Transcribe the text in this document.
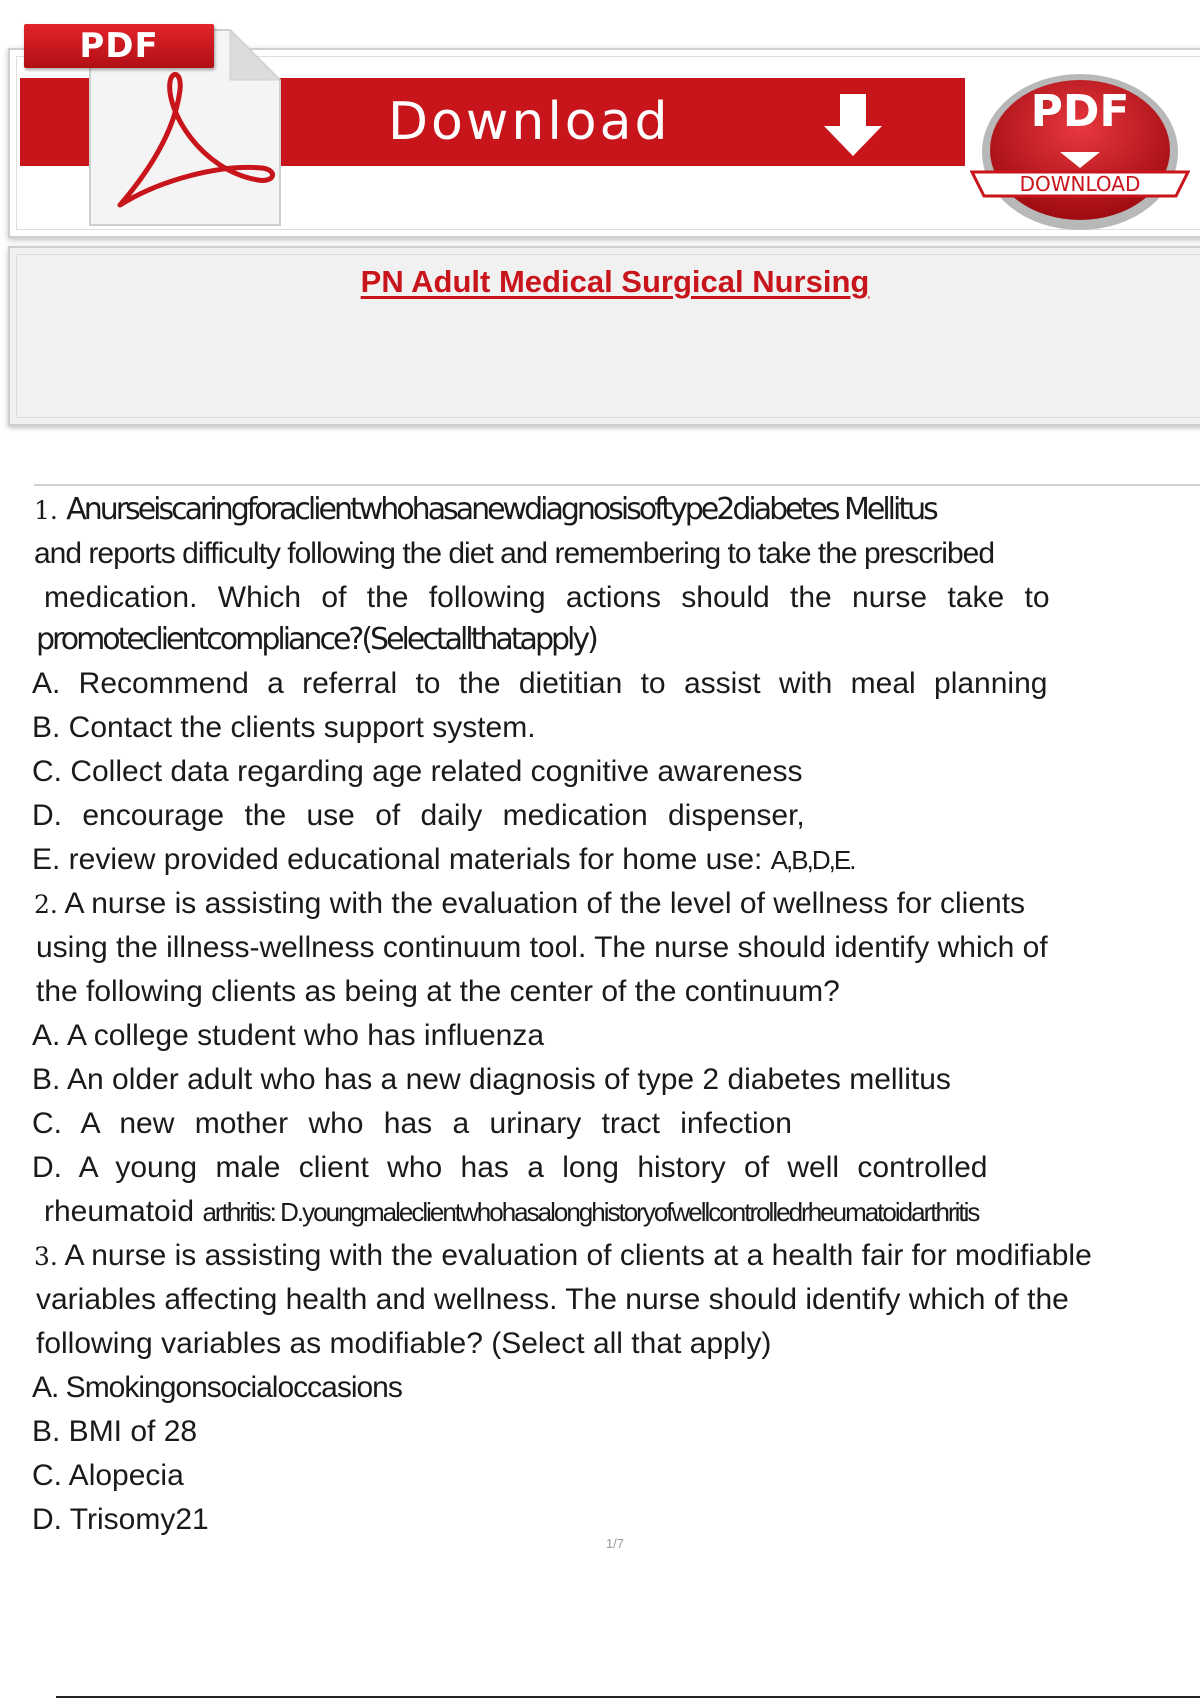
PDF
Download	PDF
DOWNLOAD

PN Adult Medical Surgical Nursing

1. Anurseiscaringforaclientwhohasanewdiagnosisoftype2diabetes Mellitus

and reports difficulty following the diet and remembering to take the prescribed

medication. Which of the following actions should the nurse take to

promoteclientcompliance?(Selectallthatapply)

A. Recommend a referral to the dietitian to assist with meal planning

B. Contact the clients support system.

C. Collect data regarding age related cognitive awareness

D. encourage the use of daily medication dispenser,

E. review provided educational materials for home use: A,B,D,E.

2. A nurse is assisting with the evaluation of the level of wellness for clients

using the illness-wellness continuum tool. The nurse should identify which of

the following clients as being at the center of the continuum?

A. A college student who has influenza

B. An older adult who has a new diagnosis of type 2 diabetes mellitus

C. A new mother who has a urinary tract infection

D. A young male client who has a long history of well controlled

rheumatoid arthritis: D.youngmaleclientwhohasalonghistoryofwellcontrolledrheumatoidarthritis

3. A nurse is assisting with the evaluation of clients at a health fair for modifiable

variables affecting health and wellness. The nurse should identify which of the

following variables as modifiable? (Select all that apply)

A. Smokingonsocialoccasions

B. BMI of 28

C. Alopecia

D. Trisomy21

1/7
